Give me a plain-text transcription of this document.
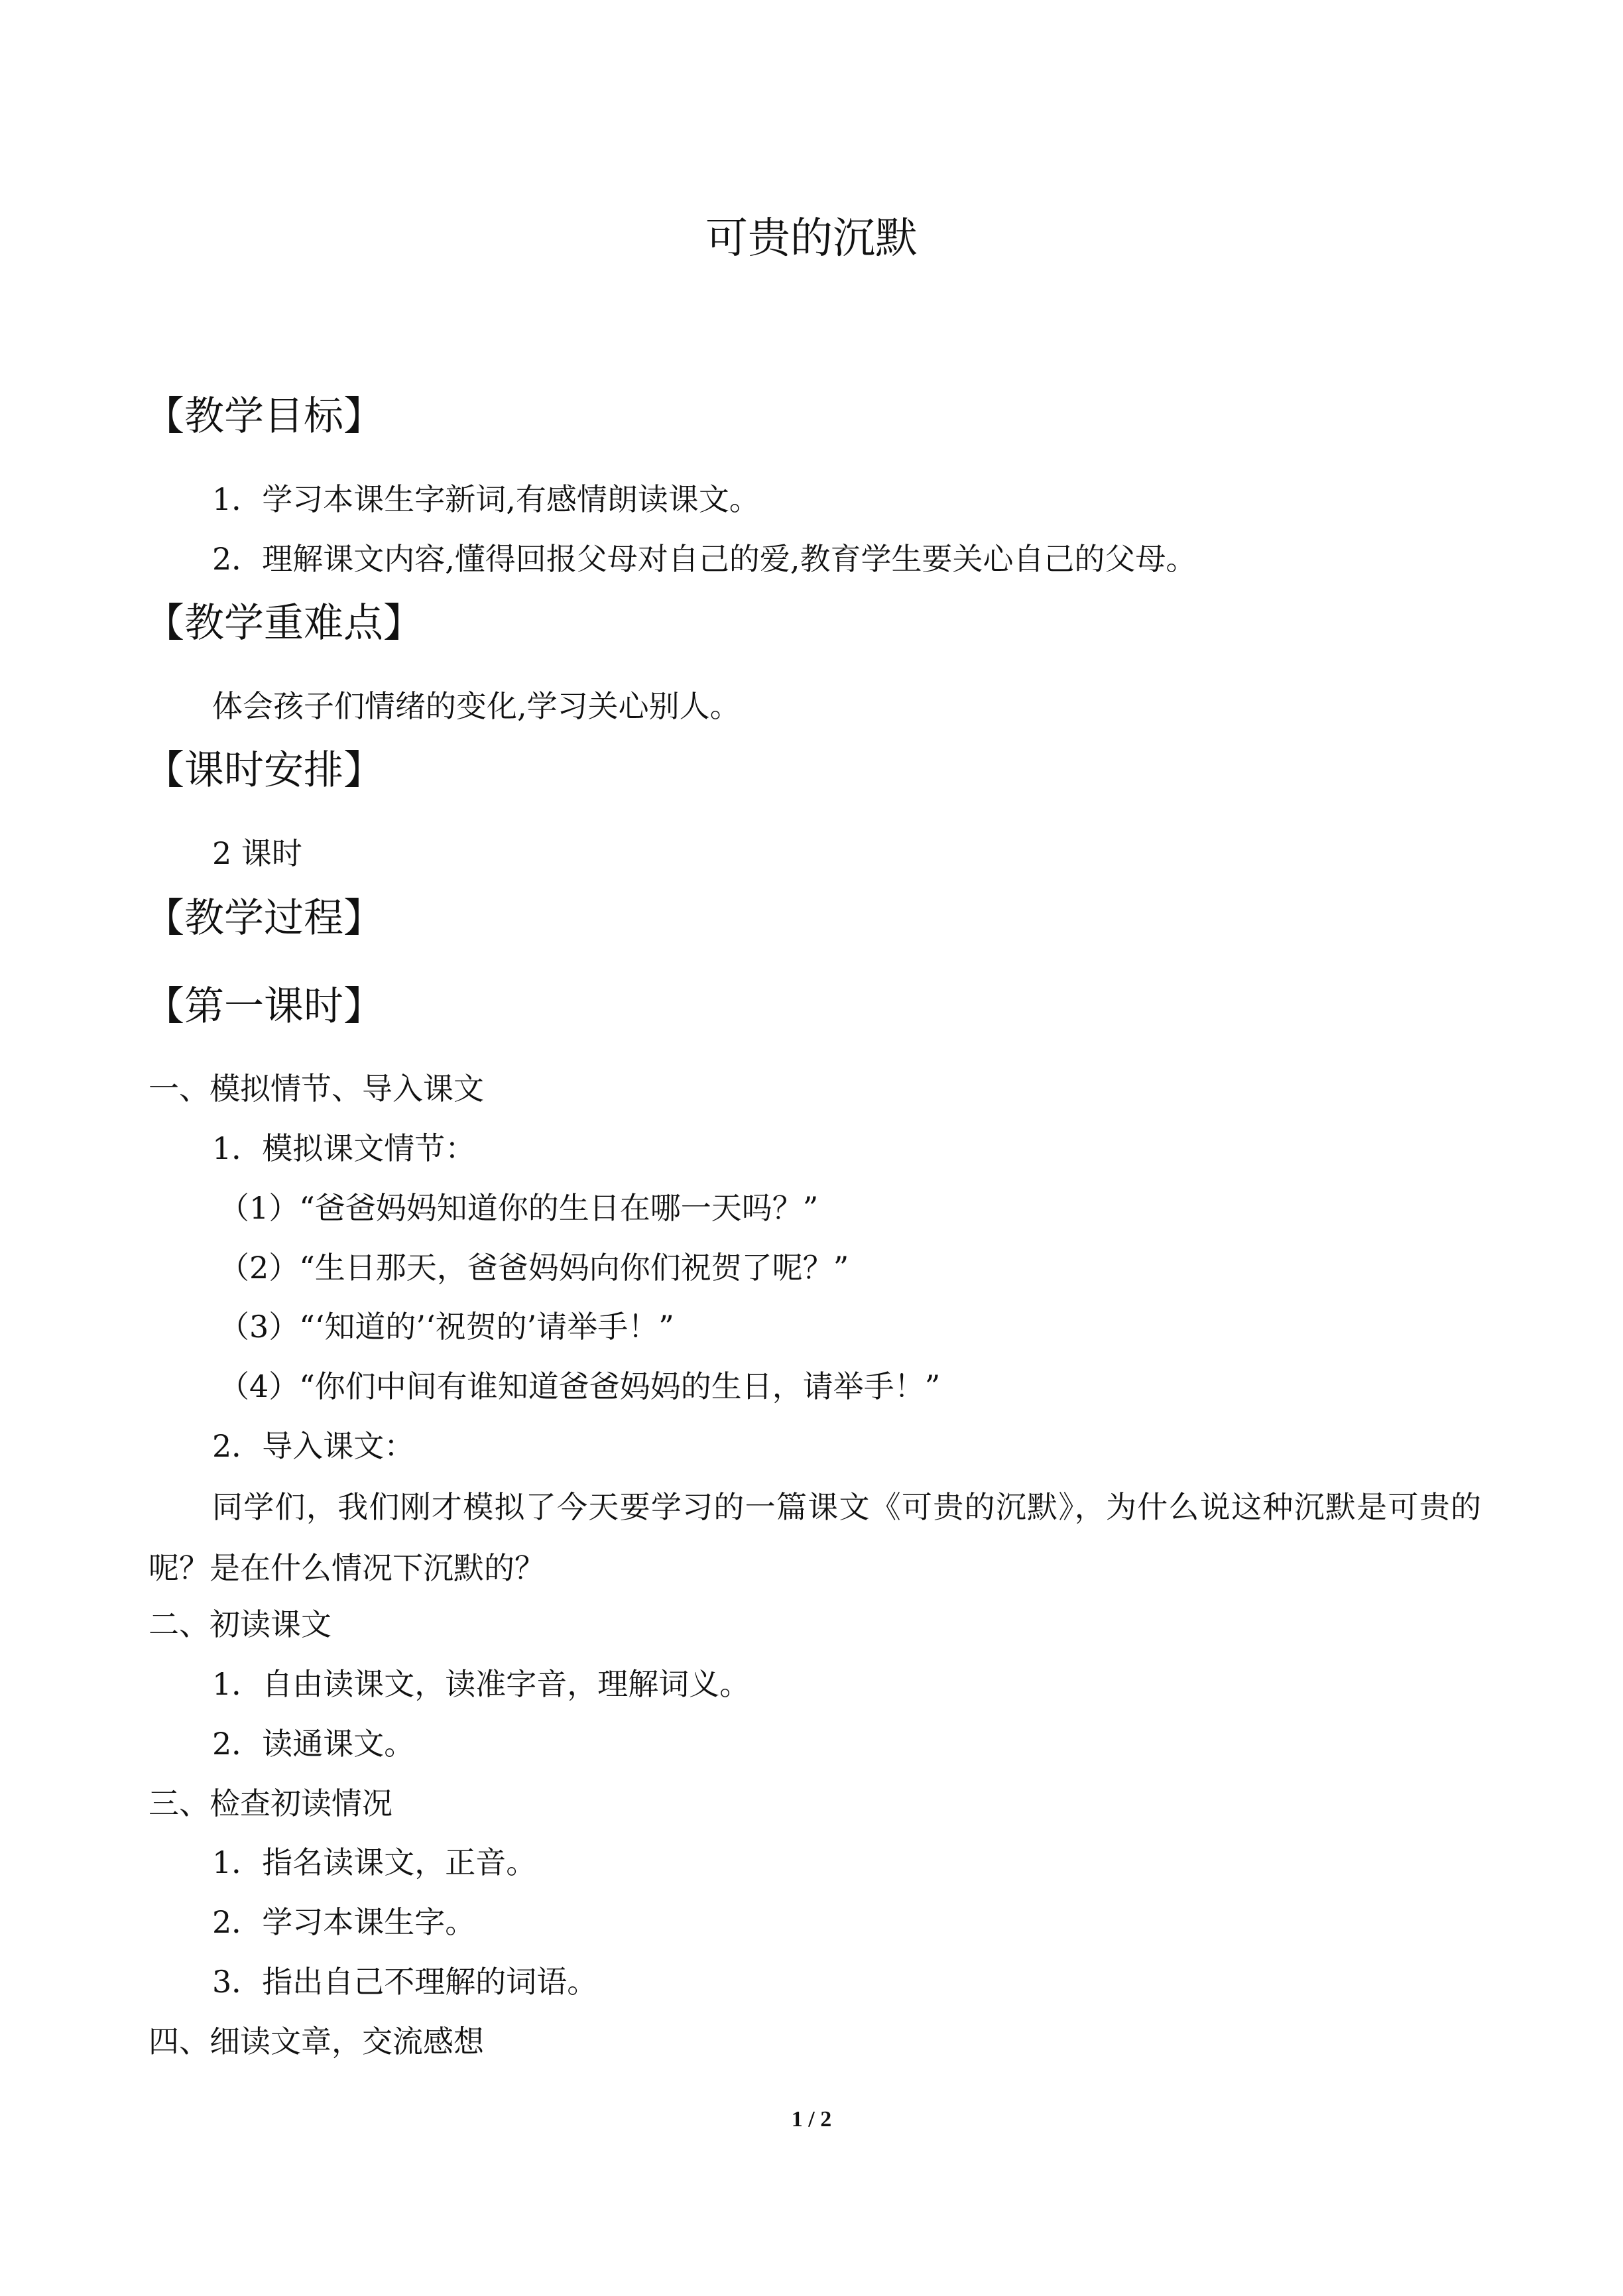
可贵的沉默
【教学目标】
1．学习本课生字新词,有感情朗读课文。
2．理解课文内容,懂得回报父母对自己的爱,教育学生要关心自己的父母。
【教学重难点】
体会孩子们情绪的变化,学习关心别人。
【课时安排】
2 课时
【教学过程】
【第一课时】
一、模拟情节、导入课文
1．模拟课文情节：
（1）“爸爸妈妈知道你的生日在哪一天吗？”
（2）“生日那天，爸爸妈妈向你们祝贺了呢？”
（3）“‘知道的’‘祝贺的’请举手！”
（4）“你们中间有谁知道爸爸妈妈的生日，请举手！”
2．导入课文：
同学们，我们刚才模拟了今天要学习的一篇课文《可贵的沉默》，为什么说这种沉默是可贵的呢？是在什么情况下沉默的？
二、初读课文
1．自由读课文，读准字音，理解词义。
2．读通课文。
三、检查初读情况
1．指名读课文，正音。
2．学习本课生字。
3．指出自己不理解的词语。
四、细读文章，交流感想
1 / 2
